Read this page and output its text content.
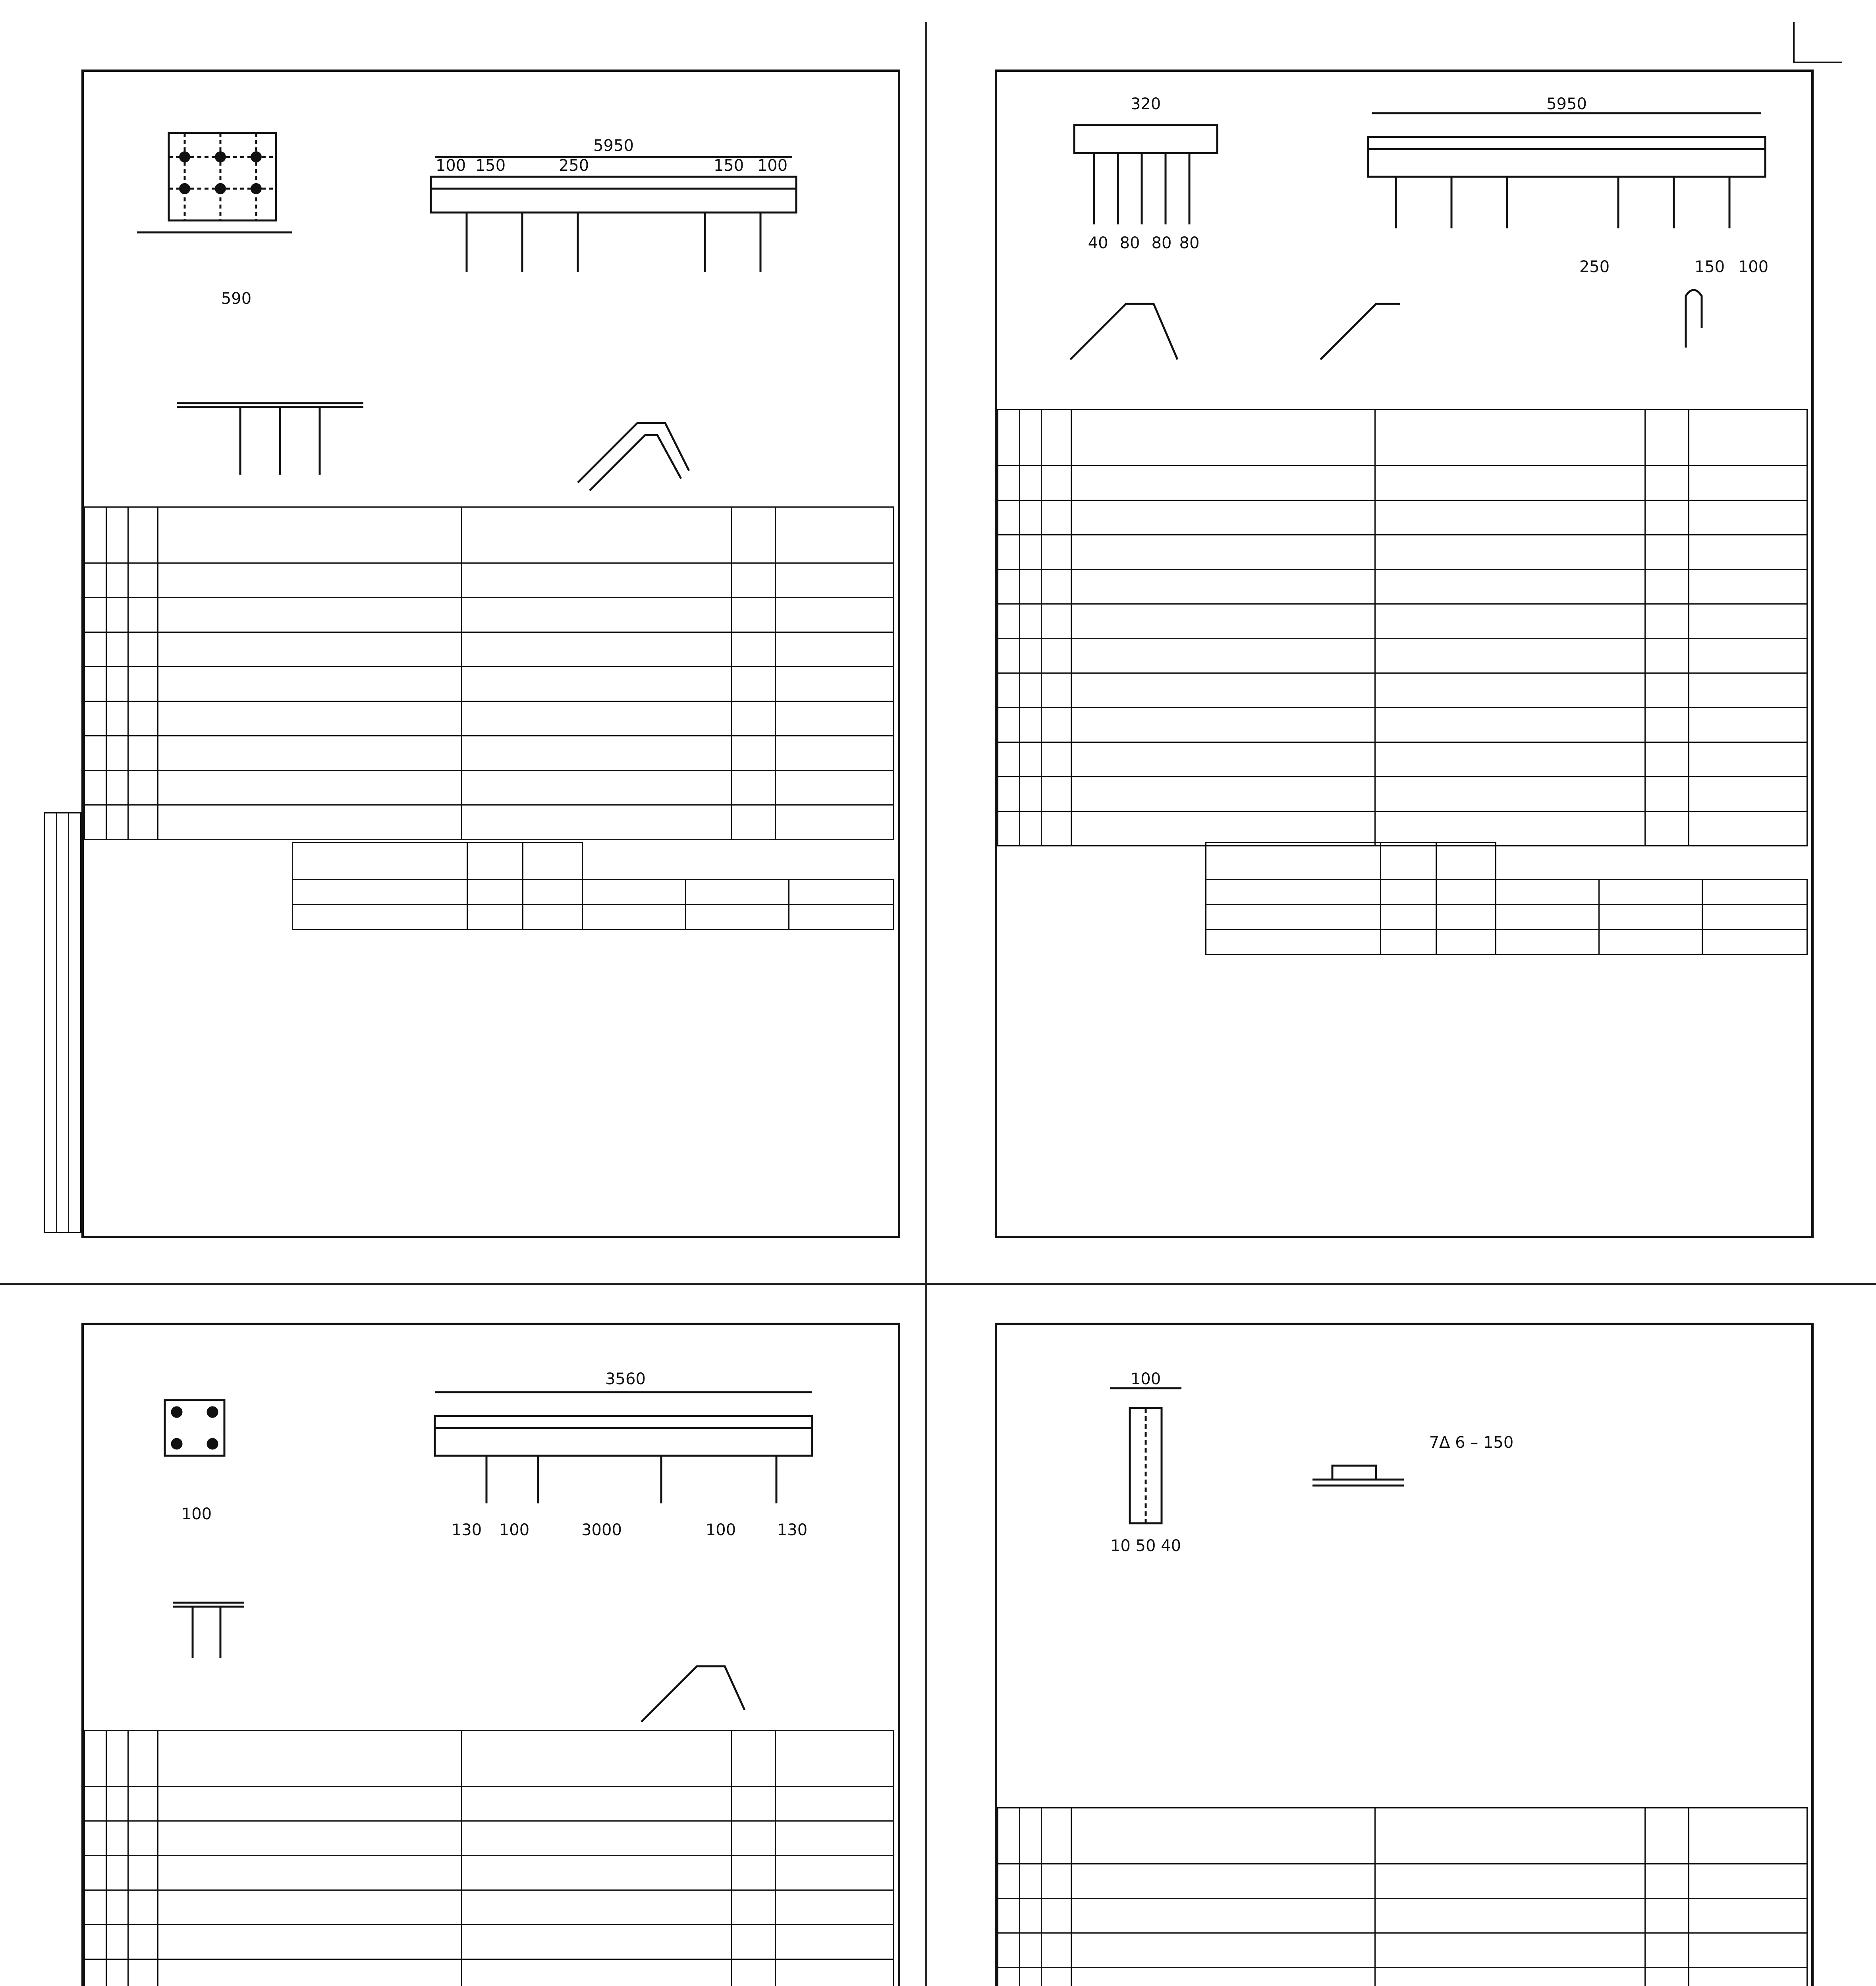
590
5950
100 150	250	150 100

320	5950
40 80 80 80
250	150 100

3560
130 100	3000	100	130
100

100
10 50 40
7Δ 6 – 150
